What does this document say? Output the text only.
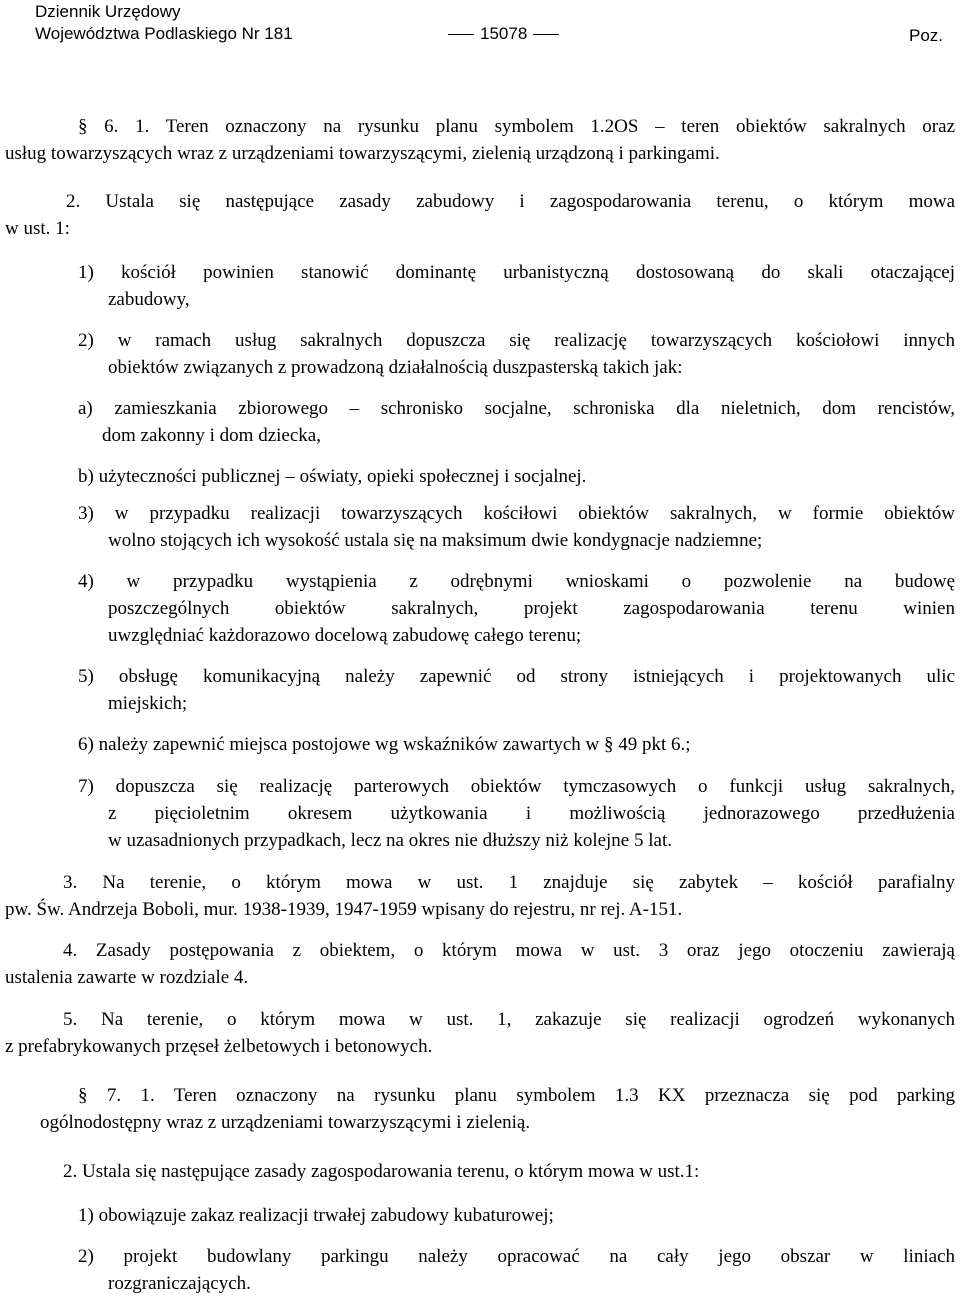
Dziennik Urzędowy
Województwa Podlaskiego Nr 181	15078	Poz.
§ 6. 1. Teren oznaczony na rysunku planu symbolem 1.2OS – teren obiektów sakralnych oraz
usług towarzyszących wraz z urządzeniami towarzyszącymi, zielenią urządzoną i parkingami.
2. Ustala się następujące zasady zabudowy i zagospodarowania terenu, o którym mowa
w ust. 1:
1) kościół powinien stanowić dominantę urbanistyczną dostosowaną do skali otaczającej
zabudowy,
2) w ramach usług sakralnych dopuszcza się realizację towarzyszących kościołowi innych
obiektów związanych z prowadzoną działalnością duszpasterską takich jak:
a) zamieszkania zbiorowego – schronisko socjalne, schroniska dla nieletnich, dom rencistów,
dom zakonny i dom dziecka,
b) użyteczności publicznej – oświaty, opieki społecznej i socjalnej.
3) w przypadku realizacji towarzyszących kościłowi obiektów sakralnych, w formie obiektów
wolno stojących ich wysokość ustala się na maksimum dwie kondygnacje nadziemne;
4) w przypadku wystąpienia z odrębnymi wnioskami o pozwolenie na budowę
poszczególnych obiektów sakralnych, projekt zagospodarowania terenu winien
uwzględniać każdorazowo docelową zabudowę całego terenu;
5) obsługę komunikacyjną należy zapewnić od strony istniejących i projektowanych ulic
miejskich;
6) należy zapewnić miejsca postojowe wg wskaźników zawartych w § 49 pkt 6.;
7) dopuszcza się realizację parterowych obiektów tymczasowych o funkcji usług sakralnych,
z pięcioletnim okresem użytkowania i możliwością jednorazowego przedłużenia
w uzasadnionych przypadkach, lecz na okres nie dłuższy niż kolejne 5 lat.
3. Na terenie, o którym mowa w ust. 1 znajduje się zabytek – kościół parafialny
pw. Św. Andrzeja Boboli, mur. 1938-1939, 1947-1959 wpisany do rejestru, nr rej. A-151.
4. Zasady postępowania z obiektem, o którym mowa w ust. 3 oraz jego otoczeniu zawierają
ustalenia zawarte w rozdziale 4.
5. Na terenie, o którym mowa w ust. 1, zakazuje się realizacji ogrodzeń wykonanych
z prefabrykowanych przęseł żelbetowych i betonowych.
§ 7. 1. Teren oznaczony na rysunku planu symbolem 1.3 KX przeznacza się pod parking
ogólnodostępny wraz z urządzeniami towarzyszącymi i zielenią.
2. Ustala się następujące zasady zagospodarowania terenu, o którym mowa w ust.1:
1) obowiązuje zakaz realizacji trwałej zabudowy kubaturowej;
2) projekt budowlany parkingu należy opracować na cały jego obszar w liniach
rozgraniczających.
